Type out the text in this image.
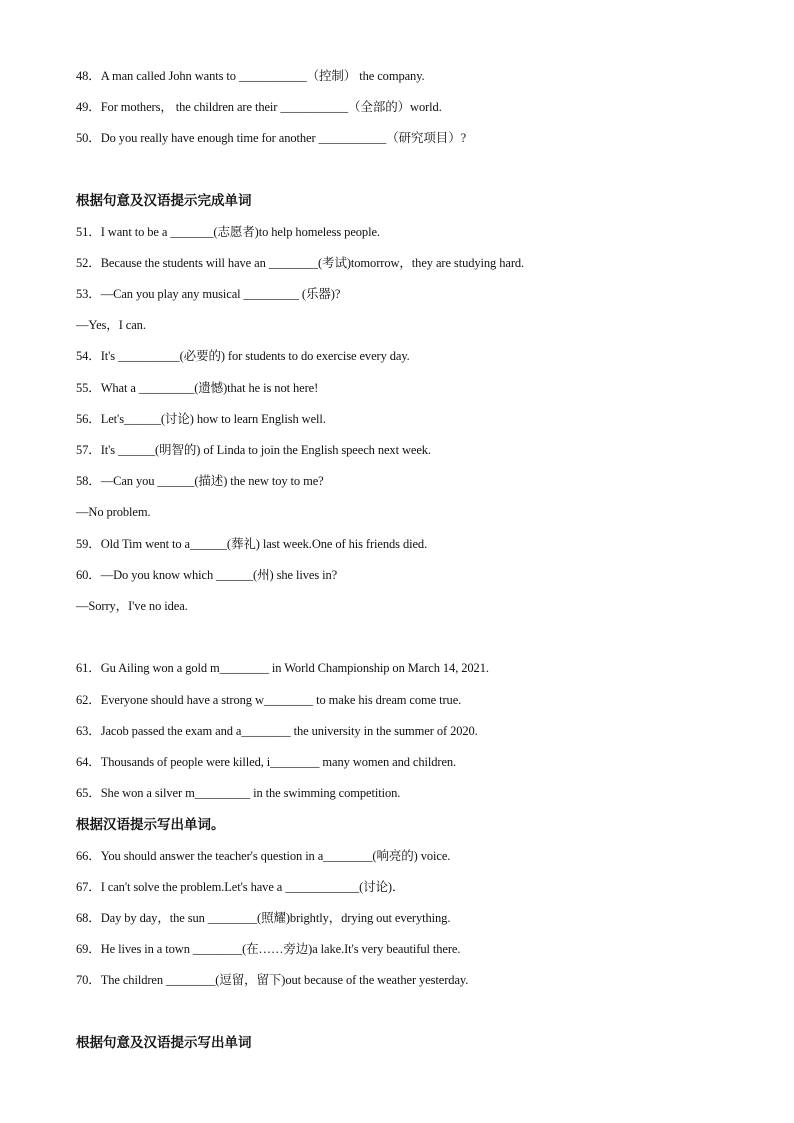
48．A man called John wants to ___________（控制） the company.
49．For mothers， the children are their ___________（全部的）world.
50．Do you really have enough time for another ___________（研究项目）?
根据句意及汉语提示完成单词
51．I want to be a _______(志愿者)to help homeless people.
52．Because the students will have an ________(考试)tomorrow，they are studying hard.
53．—Can you play any musical _________ (乐器)?
—Yes，I can.
54．It's __________(必要的) for students to do exercise every day.
55．What a _________(遗憾)that he is not here!
56．Let's______(讨论) how to learn English well.
57．It's ______(明智的) of Linda to join the English speech next week.
58．—Can you ______(描述) the new toy to me?
—No problem.
59．Old Tim went to a______(葬礼) last week.One of his friends died.
60．—Do you know which ______(州) she lives in?
—Sorry，I've no idea.
61．Gu Ailing won a gold m________ in World Championship on March 14, 2021.
62．Everyone should have a strong w________ to make his dream come true.
63．Jacob passed the exam and a________ the university in the summer of 2020.
64．Thousands of people were killed, i________ many women and children.
65．She won a silver m_________ in the swimming competition.
根据汉语提示写出单词。
66．You should answer the teacher's question in a________(响亮的) voice.
67．I can't solve the problem.Let's have a ____________(讨论)．
68．Day by day，the sun ________(照耀)brightly，drying out everything.
69．He lives in a town ________(在……旁边)a lake.It's very beautiful there.
70．The children ________(逗留，留下)out because of the weather yesterday.
根据句意及汉语提示写出单词
